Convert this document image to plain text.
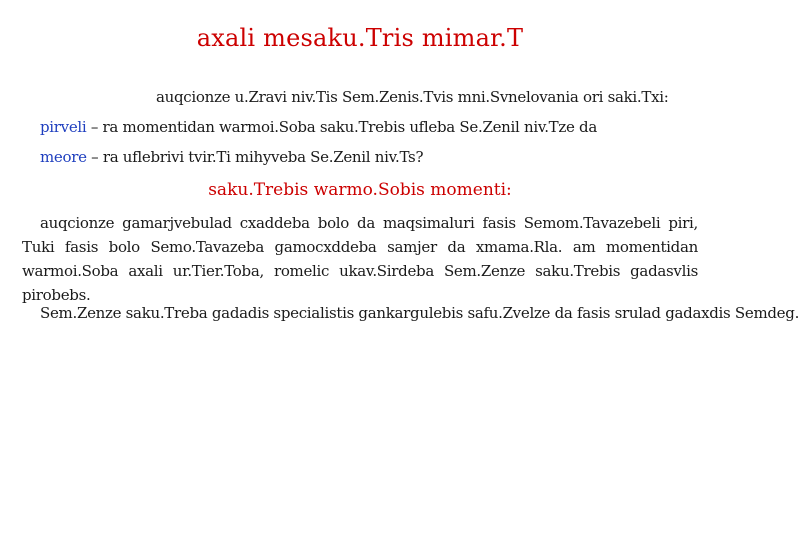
axali mesaku.Tris mimar.T
auqcionze u.Zravi niv.Tis Sem.Zenis.Tvis mni.Svnelovania ori saki.Txi:
pirveli – ra momentidan warmoi.Soba saku.Trebis ufleba Se.Zenil niv.Tze da
meore – ra uflebrivi tvir.Ti mihyveba Se.Zenil niv.Ts?
saku.Trebis warmo.Sobis momenti:
auqcionze gamarjvebulad cxaddeba bolo da maqsimaluri fasis Semom.Tavazebeli piri, Tuki fasis bolo Semo.Tavazeba gamocxddeba samjer da xmama.Rla. am momentidan warmoi.Soba axali ur.Tier.Toba, romelic ukav.Sirdeba Sem.Zenze saku.Trebis gadasvlis pirobebs.
Sem.Zenze saku.Treba gadadis specialistis gankargulebis safu.Zvelze da fasis srulad gadaxdis Semdeg.
